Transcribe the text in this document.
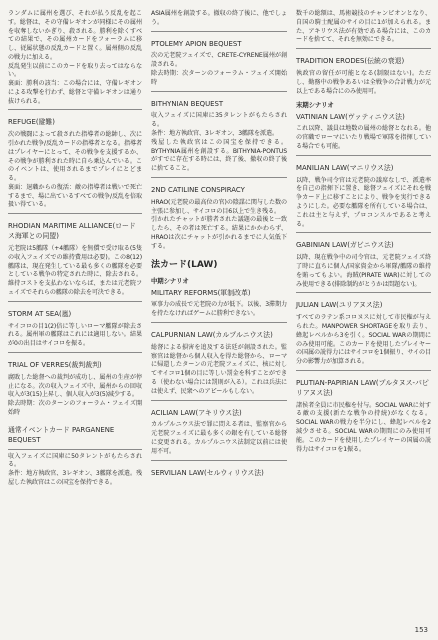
ランダムに属州を選び、それが払う反乱を起こす。総督は、その守備レギオンが同様にその属州を収奪しないかぎり、殺される。勝利を除くすべての結果で、その属州カードをフォーラムに移し、従属状態の反乱カードと置く。属州側の反乱の戦力に加える。

反乱発生以前にこのカードを取り去ってはならない。

裏面：勝利の該当：この場合には、守備レギオンによる攻撃を行わず、総督と守備レギオンは通り抜けられる。

REFUGE(避難)

次の戦闘によって殺された指導者の総帥し、次に引かれた戦争/反乱カードの指導者となる。指導者はプレイヤーにとって、その戦争を支援するか、その戦争が勝利された時に自ら乗込んでいる。このイベントは、使用されるまでプレイにとどまる。

裏面：退職からの復活：敵の指導者は戦いで死亡するまで、場に出ているすべての戦争/反乱を倍取扱い得ている。

RHODIAN MARITIME ALLIANCE(ロードス海軍との同盟)

元老院は5艦隊（+4艦隊）を無償で受け取る(5隻の収入フェイズでの維持費用は必要)。この8(12)艦隊は、現在発生している最も多くの艦隊を必要としている戦争の特定された時に、除去される。維持コストを支払わないならば、または元老院フェイズでそれらの艦隊の除去を可決できる。

STORM AT SEA(嵐)

サイコロの目1(2)倍に等しいローマ艦隊が除去される。属州軍の艦隊はこれには適用しない。結果が0の出目はサイコロを振る。

TRIAL OF VERRES(裁判裁判)

腐敗した総督への裁判が成功し、属州の生産が停止になる。次の収入フェイズ中、属州からの回収収入が3(15)上昇し、個人収入が3(5)減少する。

除去時期：次のターンのフォーラム・フェイズ開始時

通常イベントカード PARGANENE BEQUEST

収入フェイズに国庫に50タレントがもたらされる。

条件：地方執政官、3レギオン、3艦隊を派遣。残屋した執政官はこの国宝を保持できる。

ASIA属州を創設する。撤収の終了後に、他でしょう。

PTOLEMY APION BEQUEST

次の元老院フェイズで、CRETE-CYRENE属州が創設される。

除去時期：次ターンのフォーラム・フェイズ開始時

BITHYNIAN BEQUEST

収入フェイズに国庫に35タレントがもたらされる。

条件：地方執政官、3レギオン、3艦隊を派遣。

残屋した執政官はこの国宝を保持できる。BYTHYNIA属州を創設する。BITHYNIA-PONTUSがすでに存在する時には、終了後、撤収の終了後に捨てること。

2ND CATILINE CONSPIRACY

HRAO(元老院の最高位の官)の陰謀に関与した数の主張に参加し、サイコロの目6以上で生き残る。

引かれたチャットが勝者された議題の最後と一致したら、その者は死亡する。結果にかかわらず、HRAOは次にチャットが引かれるまでに人気低下する。

法カード(LAW)
中期シナリオ
MILITARY REFORMS(軍制改革)

軍事力の成長で元老院の力が低下。以後、3滞期力を持たなければゲームに勝利できない。

CALPURNIAN LAW(カルプルニウス法)

総督による損害を追及する法廷が創設された。監察官は総督から個人収入を得た総督から、ローマに帰還したターンの元老院フェイズに、核に対してサイコロ1個の目に等しい罰金を科すことができる（使わない場合には罰則が入る）。これは兵法には使えず、民衆へのアピールもしない。

ACILIAN LAW(アキリウス法)

カルプルニウス法で罪に問える者は、監察官から元老院フェイズに最も多くの銀を有している総督に変更される。カルプルニウス法制定以前には使用不可。

SERVILIAN LAW(セルウィリウス法)

数千の総額は、馬術競技のチャンピオンとなり、自国の騎士配属のサイの目に1が加えられる。また、アキリウス法が有効である場合には、このカードを捨てて、それを無効にできる。

TRADITION ERODES(伝統の衰退)

執政官の留任が可能となる(制限はない)。ただし、勤務中の戦争あるいは全戦争の合計戦力が元以上である場合にのみ使用可。

末期シナリオ
VATINIAN LAW(ヴァティニウス法)

これ以降、議員は地数の属州の総督となれる。他の官職でローマにいたり戦場で軍隊を指揮している場合でも可能。

MANILIAN LAW(マニリウス法)

以降、戦争司令官は元老院の議席なしで、派遣率を自己の指揮下に置き、総督フェイズにそれを戦争カード上に移すことにより、戦争を実行できるようにした。必要な艦隊を所有している場合は、これは主と与えず、プロコンスルであると考える。

GABINIAN LAW(ガビニウス法)

以降、現在戦争中の司令官は、元老院フェイズ終了時に直ちに個人/国家資金から軍隊/艦隊の維持を賄ってもよい。海賊(PIRATE WAR)に対してのみ使用できる(排除制約がとうかは問題ない)。

JULIAN LAW(ユリアヌス法)

すべてのラテン系コロヌスに対して市民権が与えられた。MANPOWER SHORTAGEを取り去り、蜂起レベルから3を引く。SOCIAL WARの期間にのみ使用可能。このカードを使用したプレイヤーの国属の説得力にはサイコロを1個振り、サイの目分の影響力が加算される。

PLUTIAN-PAPIRIAN LAW(プルタヌス-パピリアヌス法)

諸侯者全員に市民権を付与。SOCIAL WARに対する敵の支援(新たな戦争の持続)がなくなる。SOCIAL WARの戦力を半分にし、蜂起レベルを2減少させる。SOCIAL WARの期間にのみ使用可能。このカードを使用したプレイヤーの国属の説得力はサイコロを1振る。

153
